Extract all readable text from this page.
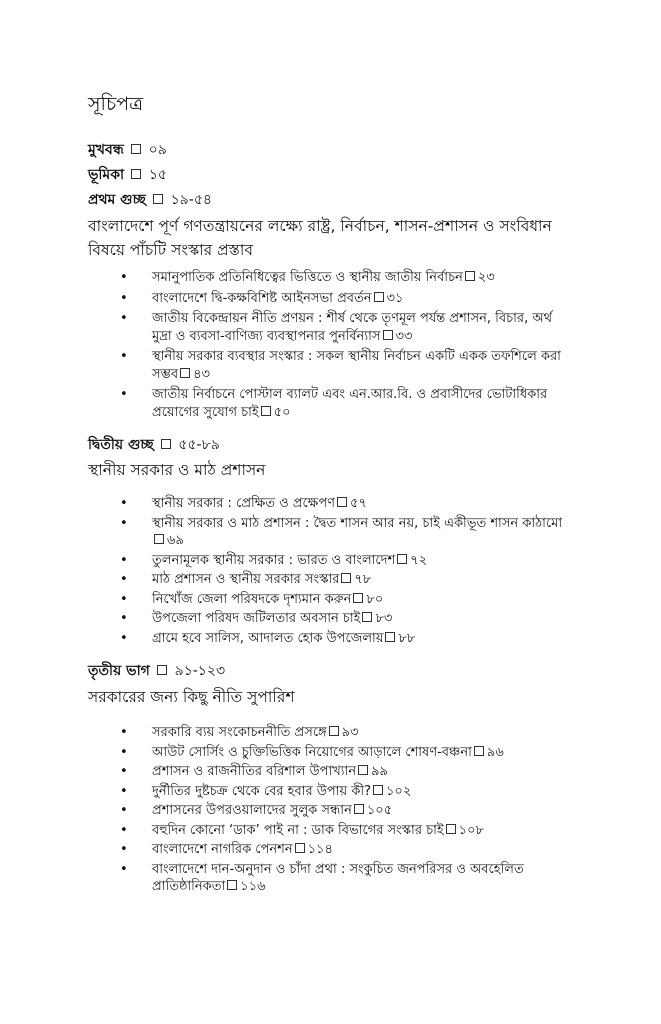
সূচিপত্র
মুখবন্ধ ০৯
ভূমিকা ১৫
প্রথম গুচ্ছ ১৯-৫৪
বাংলাদেশে পূর্ণ গণতন্ত্রায়নের লক্ষ্যে রাষ্ট্র, নির্বাচন, শাসন-প্রশাসন ও সংবিধান বিষয়ে পাঁচটি সংস্কার প্রস্তাব
• সমানুপাতিক প্রতিনিধিত্বের ভিত্তিতে ও স্থানীয় জাতীয় নির্বাচন ২৩
• বাংলাদেশে দ্বি-কক্ষবিশিষ্ট আইনসভা প্রবর্তন ৩১
• জাতীয় বিকেন্দ্রায়ন নীতি প্রণয়ন : শীর্ষ থেকে তৃণমূল পর্যন্ত প্রশাসন, বিচার, অর্থ মুদ্রা ও ব্যবসা-বাণিজ্য ব্যবস্থাপনার পুনর্বিন্যাস ৩৩
• স্থানীয় সরকার ব্যবস্থার সংস্কার : সকল স্থানীয় নির্বাচন একটি একক তফশিলে করা সম্ভব ৪৩
• জাতীয় নির্বাচনে পোস্টাল ব্যালট এবং এন.আর.বি. ও প্রবাসীদের ভোটাধিকার প্রয়োগের সুযোগ চাই ৫০
দ্বিতীয় গুচ্ছ ৫৫-৮৯
স্থানীয় সরকার ও মাঠ প্রশাসন
• স্থানীয় সরকার : প্রেক্ষিত ও প্রক্ষেপণ ৫৭
• স্থানীয় সরকার ও মাঠ প্রশাসন : দ্বৈত শাসন আর নয়, চাই একীভূত শাসন কাঠামো৬৯
• তুলনামূলক স্থানীয় সরকার : ভারত ও বাংলাদেশ ৭২
• মাঠ প্রশাসন ও স্থানীয় সরকার সংস্কার ৭৮
• নিখোঁজ জেলা পরিষদকে দৃশ্যমান করুন ৮০
• উপজেলা পরিষদ জটিলতার অবসান চাই ৮৩
• গ্রামে হবে সালিস, আদালত হোক উপজেলায় ৮৮
তৃতীয় ভাগ ৯১-১২৩
সরকারের জন্য কিছু নীতি সুপারিশ
• সরকারি ব্যয় সংকোচননীতি প্রসঙ্গে ৯৩
• আউট সোর্সিং ও চুক্তিভিত্তিক নিয়োগের আড়ালে শোষণ-বঞ্চনা ৯৬
• প্রশাসন ও রাজনীতির বরিশাল উপাখ্যান ৯৯
• দুর্নীতির দুষ্টচক্র থেকে বের হবার উপায় কী? ১০২
• প্রশাসনের উপরওয়ালাদের সুলুক সন্ধান ১০৫
• বহুদিন কোনো ‘ডাক’ পাই না : ডাক বিভাগের সংস্কার চাই ১০৮
• বাংলাদেশে নাগরিক পেনশন ১১৪
• বাংলাদেশে দান-অনুদান ও চাঁদা প্রথা : সংকুচিত জনপরিসর ও অবহেলিত প্রাতিষ্ঠানিকতা ১১৬
